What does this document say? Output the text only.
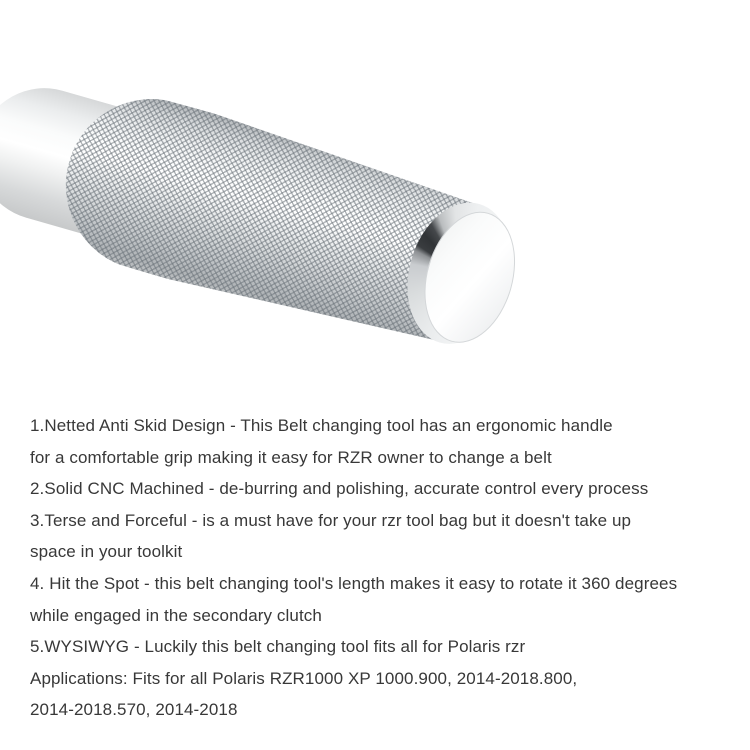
1.Netted Anti Skid Design - This Belt changing tool has an ergonomic handle

for a comfortable grip making it easy for RZR owner to change a belt

2.Solid CNC Machined - de-burring and polishing, accurate control every process

3.Terse and Forceful - is a must have for your rzr tool bag but it doesn't take up

space in your toolkit

4. Hit the Spot - this belt changing tool's length makes it easy to rotate it 360 degrees

while engaged in the secondary clutch

5.WYSIWYG - Luckily this belt changing tool fits all for Polaris rzr

Applications: Fits for all Polaris RZR1000 XP 1000.900, 2014-2018.800,

2014-2018.570, 2014-2018
